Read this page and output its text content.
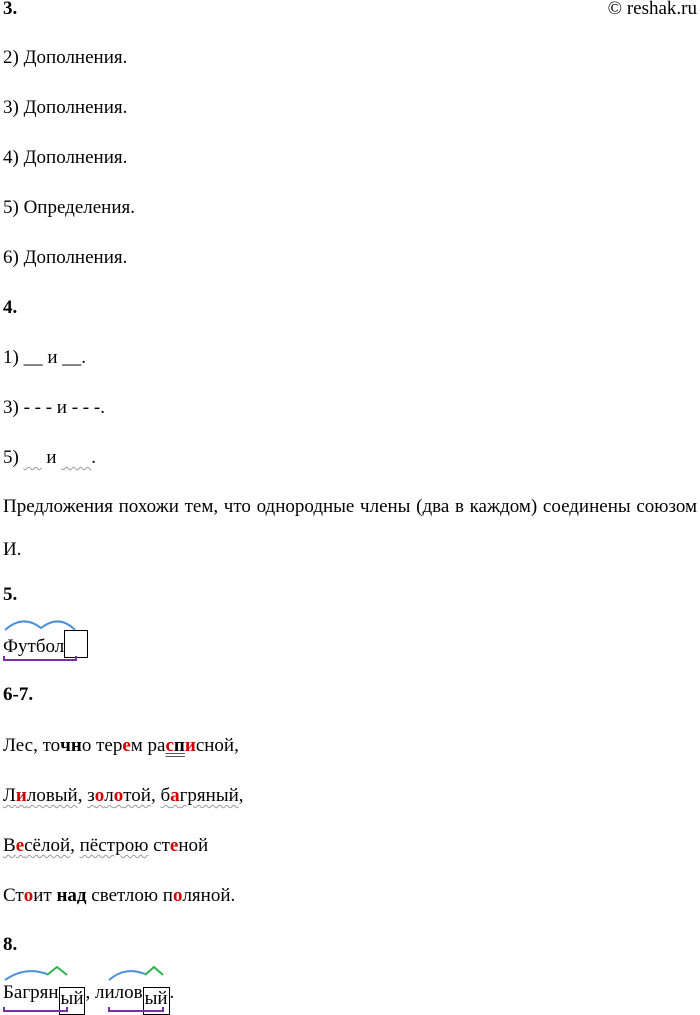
3.	© reshak.ru
2) Дополнения.
3) Дополнения.
4) Дополнения.
5) Определения.
6) Дополнения.
4.
1) __ и __.
3) - - - и - - -.
5) ___ и _____.
Предложения похожи тем, что однородные члены (два в каждом) соединены союзом И.
5.
Футбол
6-7.
Лес, точно терем расписной,
Лиловый, золотой, багряный,
Весёлой, пёстрою стеной
Стоит над светлою поляной.
8.
Багрян ый , лилов ый .
